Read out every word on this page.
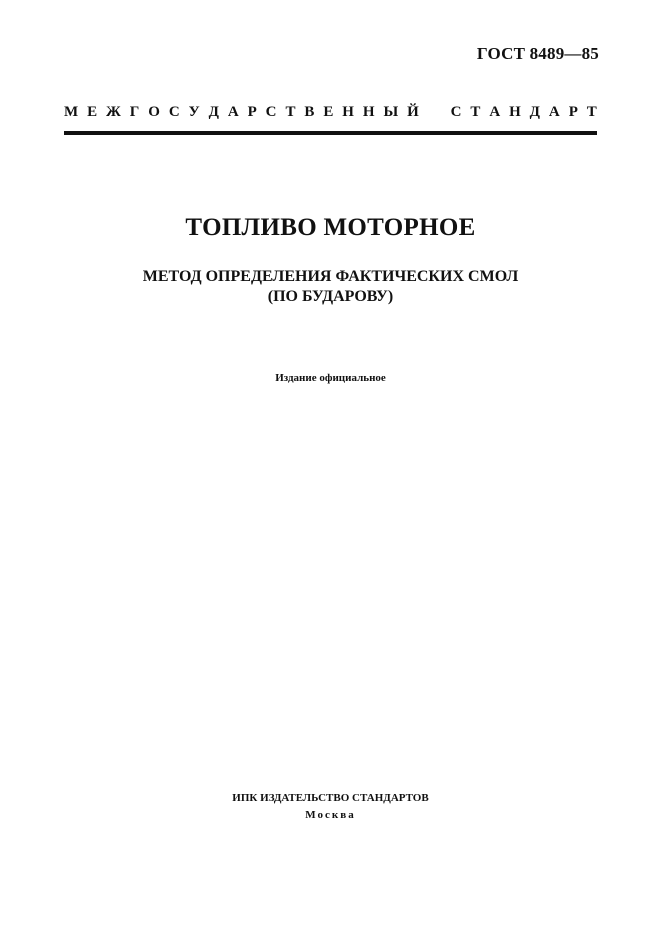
ГОСТ 8489—85
М Е Ж Г О С У Д А Р С Т В Е Н Н Ы Й С Т А Н Д А Р Т
ТОПЛИВО МОТОРНОЕ
МЕТОД ОПРЕДЕЛЕНИЯ ФАКТИЧЕСКИХ СМОЛ
(ПО БУДАРОВУ)
Издание официальное
ИПК ИЗДАТЕЛЬСТВО СТАНДАРТОВ
Москва
